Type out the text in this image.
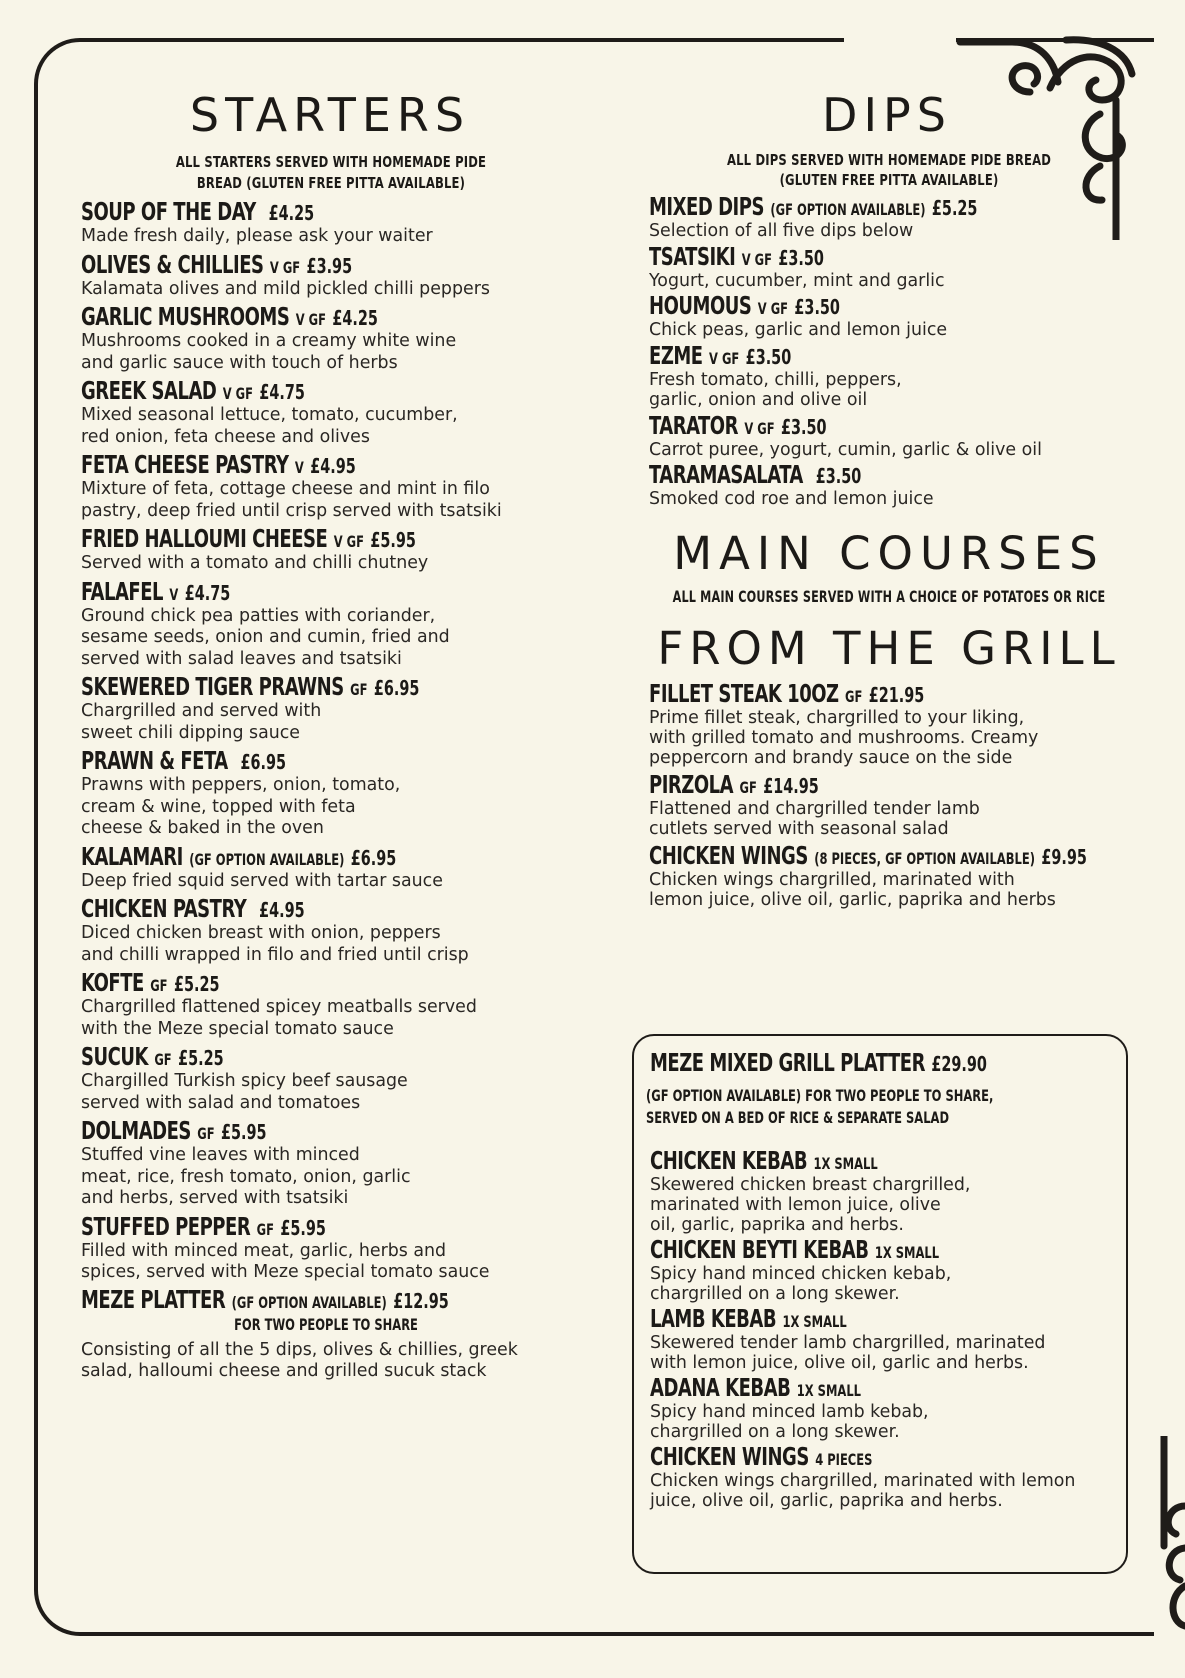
STARTERS
ALL STARTERS SERVED WITH HOMEMADE PIDE
BREAD (GLUTEN FREE PITTA AVAILABLE)
SOUP OF THE DAY £4.25
Made fresh daily, please ask your waiter
OLIVES & CHILLIES V GF £3.95
Kalamata olives and mild pickled chilli peppers
GARLIC MUSHROOMS V GF £4.25
Mushrooms cooked in a creamy white wine
and garlic sauce with touch of herbs
GREEK SALAD V GF £4.75
Mixed seasonal lettuce, tomato, cucumber,
red onion, feta cheese and olives
FETA CHEESE PASTRY V £4.95
Mixture of feta, cottage cheese and mint in filo
pastry, deep fried until crisp served with tsatsiki
FRIED HALLOUMI CHEESE V GF £5.95
Served with a tomato and chilli chutney
FALAFEL V £4.75
Ground chick pea patties with coriander,
sesame seeds, onion and cumin, fried and
served with salad leaves and tsatsiki
SKEWERED TIGER PRAWNS GF £6.95
Chargrilled and served with
sweet chili dipping sauce
PRAWN & FETA £6.95
Prawns with peppers, onion, tomato,
cream & wine, topped with feta
cheese & baked in the oven
KALAMARI (GF OPTION AVAILABLE) £6.95
Deep fried squid served with tartar sauce
CHICKEN PASTRY £4.95
Diced chicken breast with onion, peppers
and chilli wrapped in filo and fried until crisp
KOFTE GF £5.25
Chargrilled flattened spicey meatballs served
with the Meze special tomato sauce
SUCUK GF £5.25
Chargilled Turkish spicy beef sausage
served with salad and tomatoes
DOLMADES GF £5.95
Stuffed vine leaves with minced
meat, rice, fresh tomato, onion, garlic
and herbs, served with tsatsiki
STUFFED PEPPER GF £5.95
Filled with minced meat, garlic, herbs and
spices, served with Meze special tomato sauce
MEZE PLATTER (GF OPTION AVAILABLE) £12.95
FOR TWO PEOPLE TO SHARE
Consisting of all the 5 dips, olives & chillies, greek
salad, halloumi cheese and grilled sucuk stack
DIPS
ALL DIPS SERVED WITH HOMEMADE PIDE BREAD
(GLUTEN FREE PITTA AVAILABLE)
MIXED DIPS (GF OPTION AVAILABLE) £5.25
Selection of all five dips below
TSATSIKI V GF £3.50
Yogurt, cucumber, mint and garlic
HOUMOUS V GF £3.50
Chick peas, garlic and lemon juice
EZME V GF £3.50
Fresh tomato, chilli, peppers,
garlic, onion and olive oil
TARATOR V GF £3.50
Carrot puree, yogurt, cumin, garlic & olive oil
TARAMASALATA £3.50
Smoked cod roe and lemon juice
MAIN COURSES
ALL MAIN COURSES SERVED WITH A CHOICE OF POTATOES OR RICE
FROM THE GRILL
FILLET STEAK 10OZ GF £21.95
Prime fillet steak, chargrilled to your liking,
with grilled tomato and mushrooms. Creamy
peppercorn and brandy sauce on the side
PIRZOLA GF £14.95
Flattened and chargrilled tender lamb
cutlets served with seasonal salad
CHICKEN WINGS (8 PIECES, GF OPTION AVAILABLE) £9.95
Chicken wings chargrilled, marinated with
lemon juice, olive oil, garlic, paprika and herbs
MEZE MIXED GRILL PLATTER £29.90
(GF OPTION AVAILABLE) FOR TWO PEOPLE TO SHARE,
SERVED ON A BED OF RICE & SEPARATE SALAD
CHICKEN KEBAB 1X SMALL
Skewered chicken breast chargrilled,
marinated with lemon juice, olive
oil, garlic, paprika and herbs.
CHICKEN BEYTI KEBAB 1X SMALL
Spicy hand minced chicken kebab,
chargrilled on a long skewer.
LAMB KEBAB 1X SMALL
Skewered tender lamb chargrilled, marinated
with lemon juice, olive oil, garlic and herbs.
ADANA KEBAB 1X SMALL
Spicy hand minced lamb kebab,
chargrilled on a long skewer.
CHICKEN WINGS 4 PIECES
Chicken wings chargrilled, marinated with lemon
juice, olive oil, garlic, paprika and herbs.
